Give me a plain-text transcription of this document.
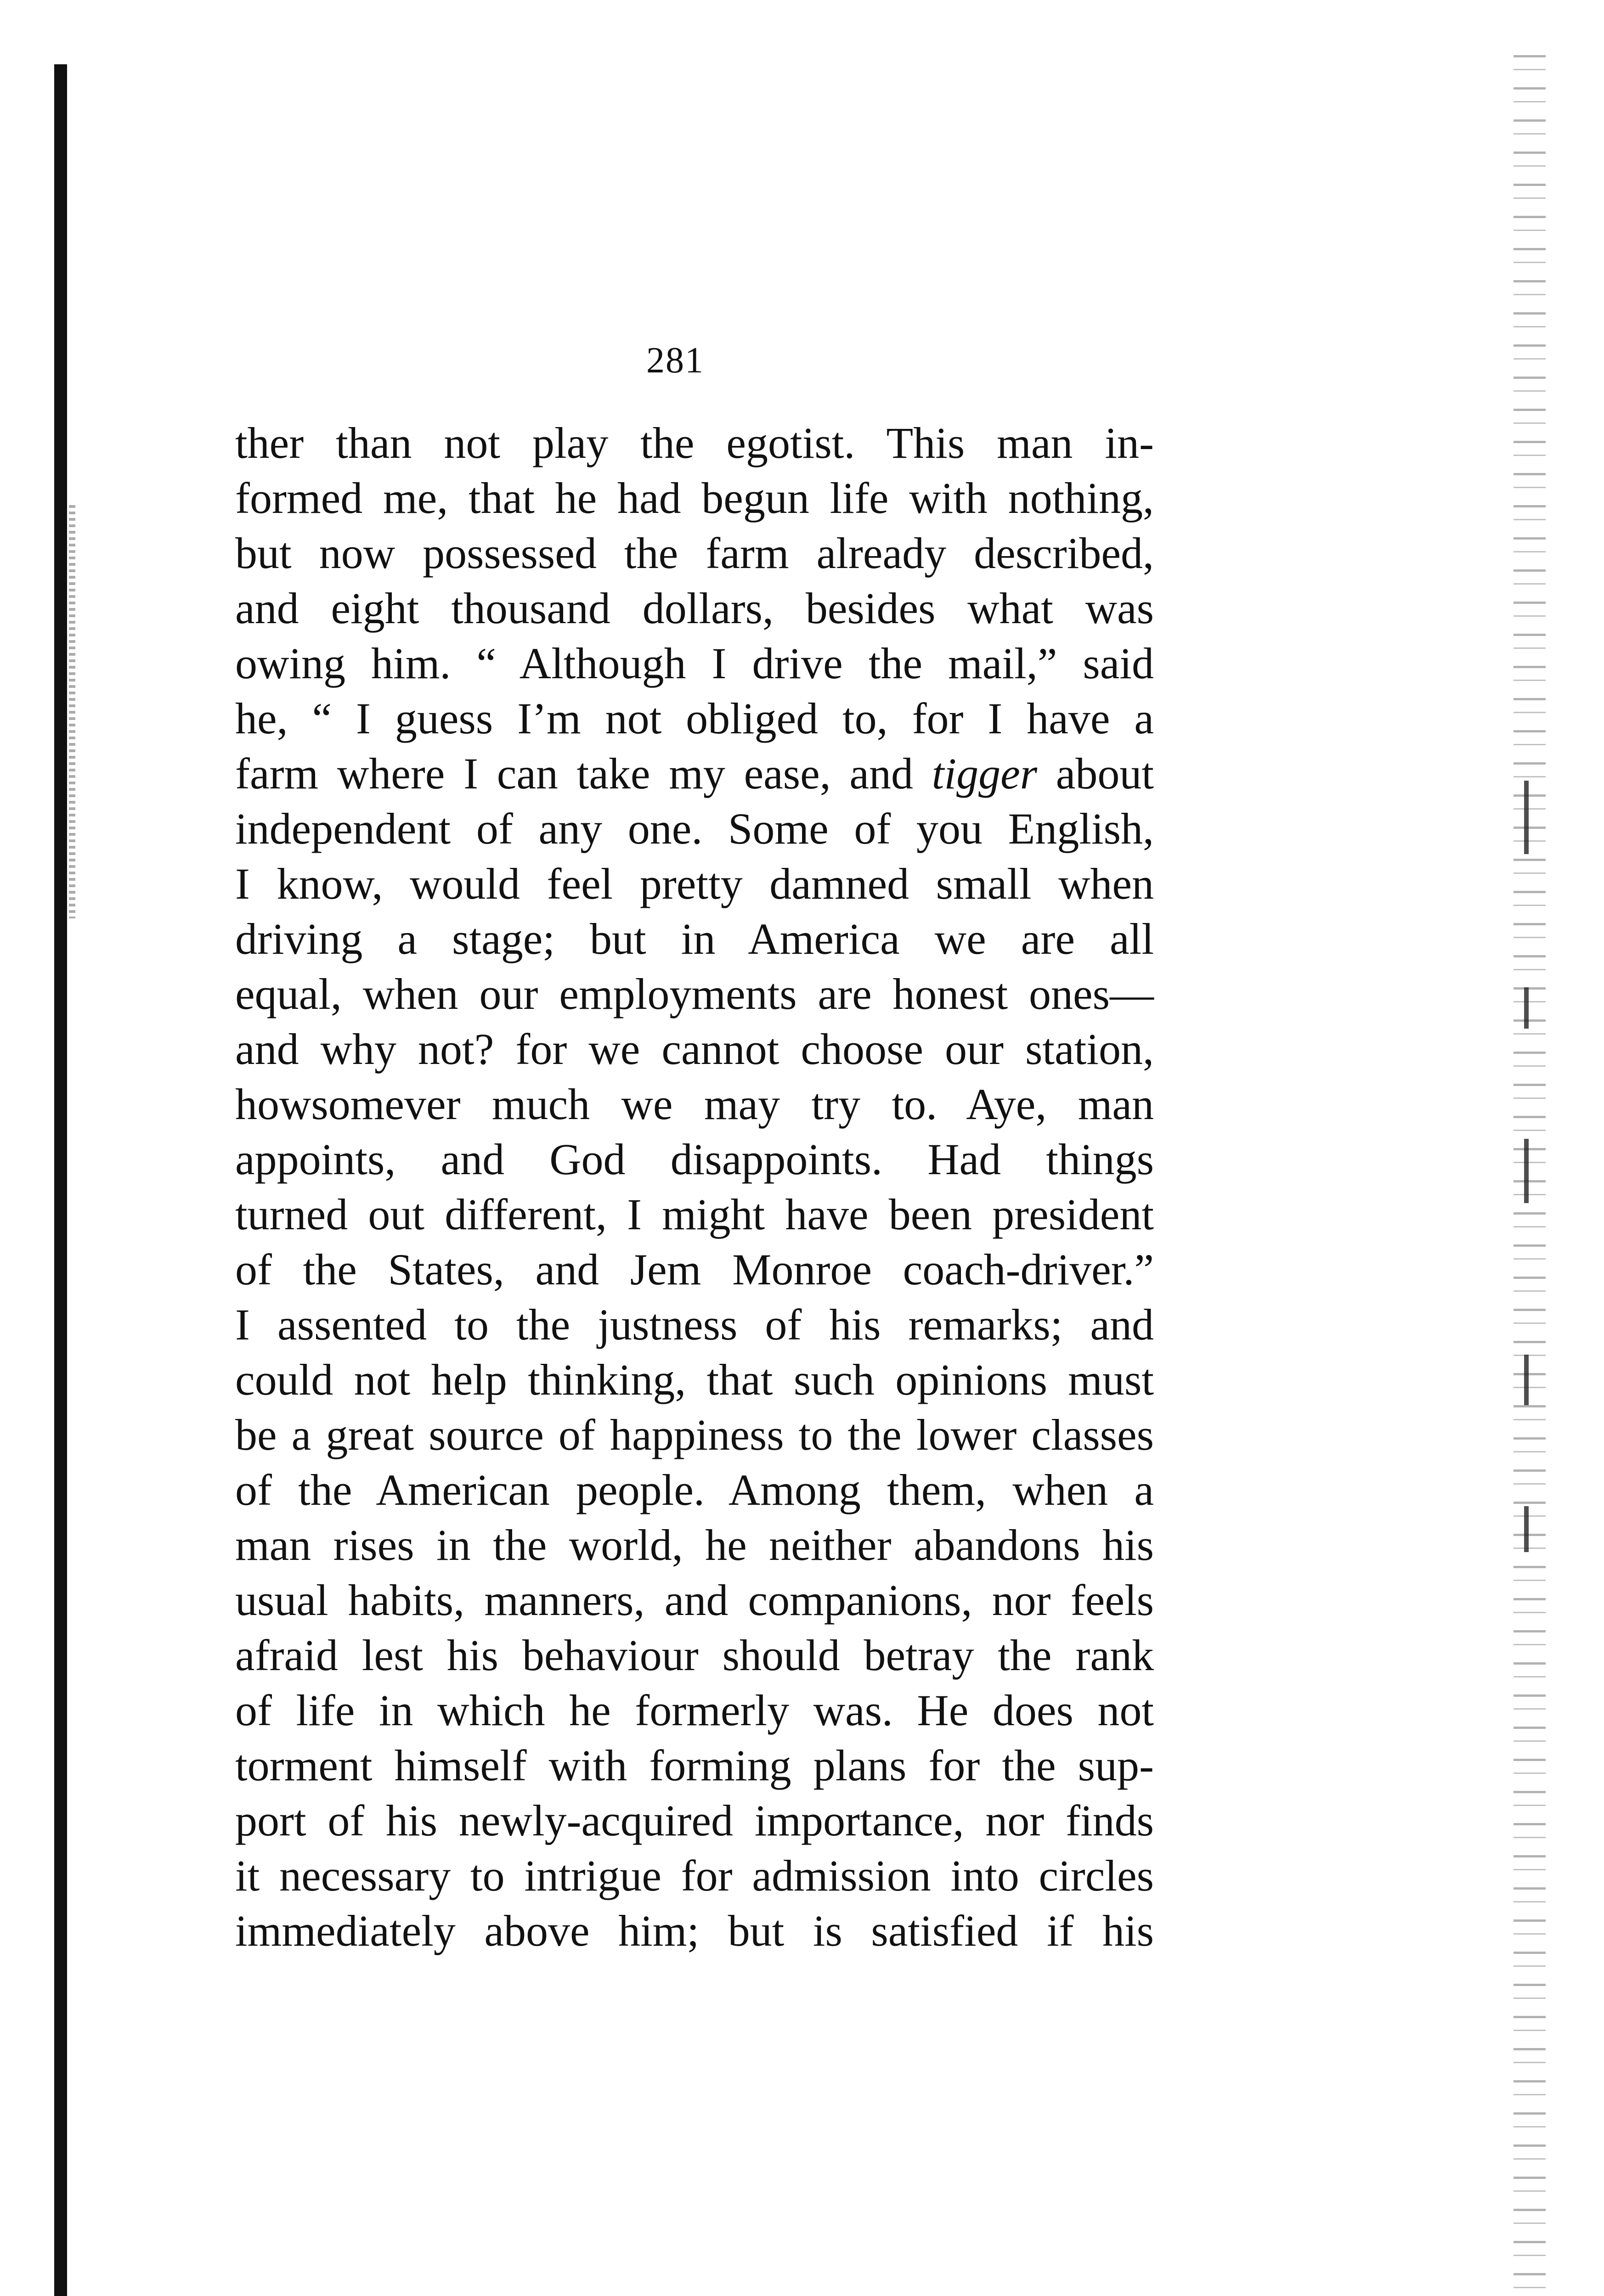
281
ther than not play the egotist. This man in-
formed me, that he had begun life with nothing,
but now possessed the farm already described,
and eight thousand dollars, besides what was
owing him. “ Although I drive the mail,” said
he, “ I guess I’m not obliged to, for I have a
farm where I can take my ease, and tigger about
independent of any one. Some of you English,
I know, would feel pretty damned small when
driving a stage; but in America we are all
equal, when our employments are honest ones—
and why not? for we cannot choose our station,
howsomever much we may try to. Aye, man
appoints, and God disappoints. Had things
turned out different, I might have been president
of the States, and Jem Monroe coach-driver.”
I assented to the justness of his remarks; and
could not help thinking, that such opinions must
be a great source of happiness to the lower classes
of the American people. Among them, when a
man rises in the world, he neither abandons his
usual habits, manners, and companions, nor feels
afraid lest his behaviour should betray the rank
of life in which he formerly was. He does not
torment himself with forming plans for the sup-
port of his newly-acquired importance, nor finds
it necessary to intrigue for admission into circles
immediately above him; but is satisfied if his
